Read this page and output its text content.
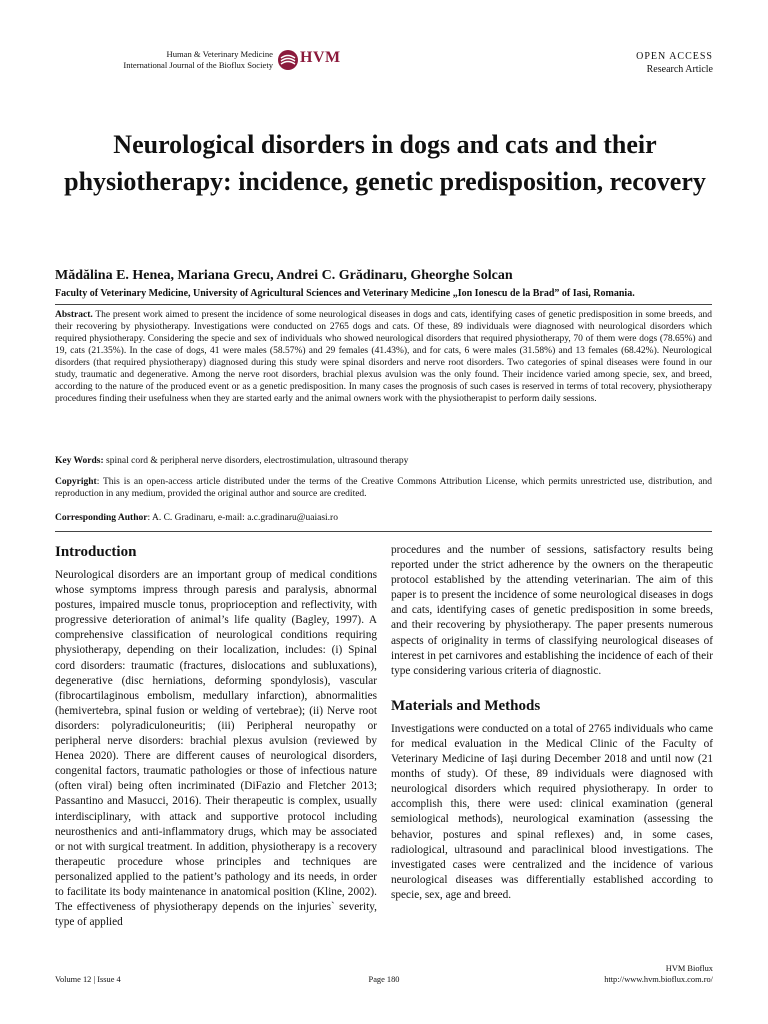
Human & Veterinary Medicine
International Journal of the Bioflux Society HVM	OPEN ACCESS
Research Article
Neurological disorders in dogs and cats and their physiotherapy: incidence, genetic predisposition, recovery
Mădălina E. Henea, Mariana Grecu, Andrei C. Grădinaru, Gheorghe Solcan
Faculty of Veterinary Medicine, University of Agricultural Sciences and Veterinary Medicine „Ion Ionescu de la Brad” of Iasi, Romania.
Abstract. The present work aimed to present the incidence of some neurological diseases in dogs and cats, identifying cases of genetic predisposition in some breeds, and their recovering by physiotherapy. Investigations were conducted on 2765 dogs and cats. Of these, 89 individuals were diagnosed with neurological disorders which required physiotherapy. Considering the specie and sex of individuals who showed neurological disorders that required physiotherapy, 70 of them were dogs (78.65%) and 19, cats (21.35%). In the case of dogs, 41 were males (58.57%) and 29 females (41.43%), and for cats, 6 were males (31.58%) and 13 females (68.42%). Neurological disorders (that required physiotherapy) diagnosed during this study were spinal disorders and nerve root disorders. Two categories of spinal diseases were found in our study, traumatic and degenerative. Among the nerve root disorders, brachial plexus avulsion was the only found. Their incidence varied among specie, sex, and breed, according to the nature of the produced event or as a genetic predisposition. In many cases the prognosis of such cases is reserved in terms of total recovery, physiotherapy procedures finding their usefulness when they are started early and the animal owners work with the physiotherapist to perform daily sessions.
Key Words: spinal cord & peripheral nerve disorders, electrostimulation, ultrasound therapy
Copyright: This is an open-access article distributed under the terms of the Creative Commons Attribution License, which permits unrestricted use, distribution, and reproduction in any medium, provided the original author and source are credited.
Corresponding Author: A. C. Gradinaru, e-mail: a.c.gradinaru@uaiasi.ro
Introduction

Neurological disorders are an important group of medical conditions whose symptoms impress through paresis and paralysis, abnormal postures, impaired muscle tonus, proprioception and reflectivity, with progressive deterioration of animal’s life quality (Bagley, 1997). A comprehensive classification of neurological conditions requiring physiotherapy, depending on their localization, includes: (i) Spinal cord disorders: traumatic (fractures, dislocations and subluxations), degenerative (disc herniations, deforming spondylosis), vascular (fibrocartilaginous embolism, medullary infarction), abnormalities (hemivertebra, spinal fusion or welding of vertebrae); (ii) Nerve root disorders: polyradiculoneuritis; (iii) Peripheral neuropathy or peripheral nerve disorders: brachial plexus avulsion (reviewed by Henea 2020). There are different causes of neurological disorders, congenital factors, traumatic pathologies or those of infectious nature (often viral) being often incriminated (DiFazio and Fletcher 2013; Passantino and Masucci, 2016). Their therapeutic is complex, usually interdisciplinary, with attack and supportive protocol including neurosthenics and anti-inflammatory drugs, which may be associated or not with surgical treatment. In addition, physiotherapy is a recovery therapeutic procedure whose principles and techniques are personalized applied to the patient’s pathology and its needs, in order to facilitate its body maintenance in anatomical position (Kline, 2002). The effectiveness of physiotherapy depends on the injuries` severity, type of applied

procedures and the number of sessions, satisfactory results being reported under the strict adherence by the owners on the therapeutic protocol established by the attending veterinarian. The aim of this paper is to present the incidence of some neurological diseases in dogs and cats, identifying cases of genetic predisposition in some breeds, and their recovering by physiotherapy. The paper presents numerous aspects of originality in terms of classifying neurological diseases of interest in pet carnivores and establishing the incidence of each of their type considering various criteria of diagnostic.

Materials and Methods

Investigations were conducted on a total of 2765 individuals who came for medical evaluation in the Medical Clinic of the Faculty of Veterinary Medicine of Iaşi during December 2018 and until now (21 months of study). Of these, 89 individuals were diagnosed with neurological disorders which required physiotherapy. In order to accomplish this, there were used: clinical examination (general semiological methods), neurological examination (assessing the behavior, postures and spinal reflexes) and, in some cases, radiological, ultrasound and paraclinical blood investigations. The investigated cases were centralized and the incidence of various neurological diseases was differentially established according to specie, sex, age and breed.

Volume 12 | Issue 4	Page 180
HVM Bioflux
http://www.hvm.bioflux.com.ro/
